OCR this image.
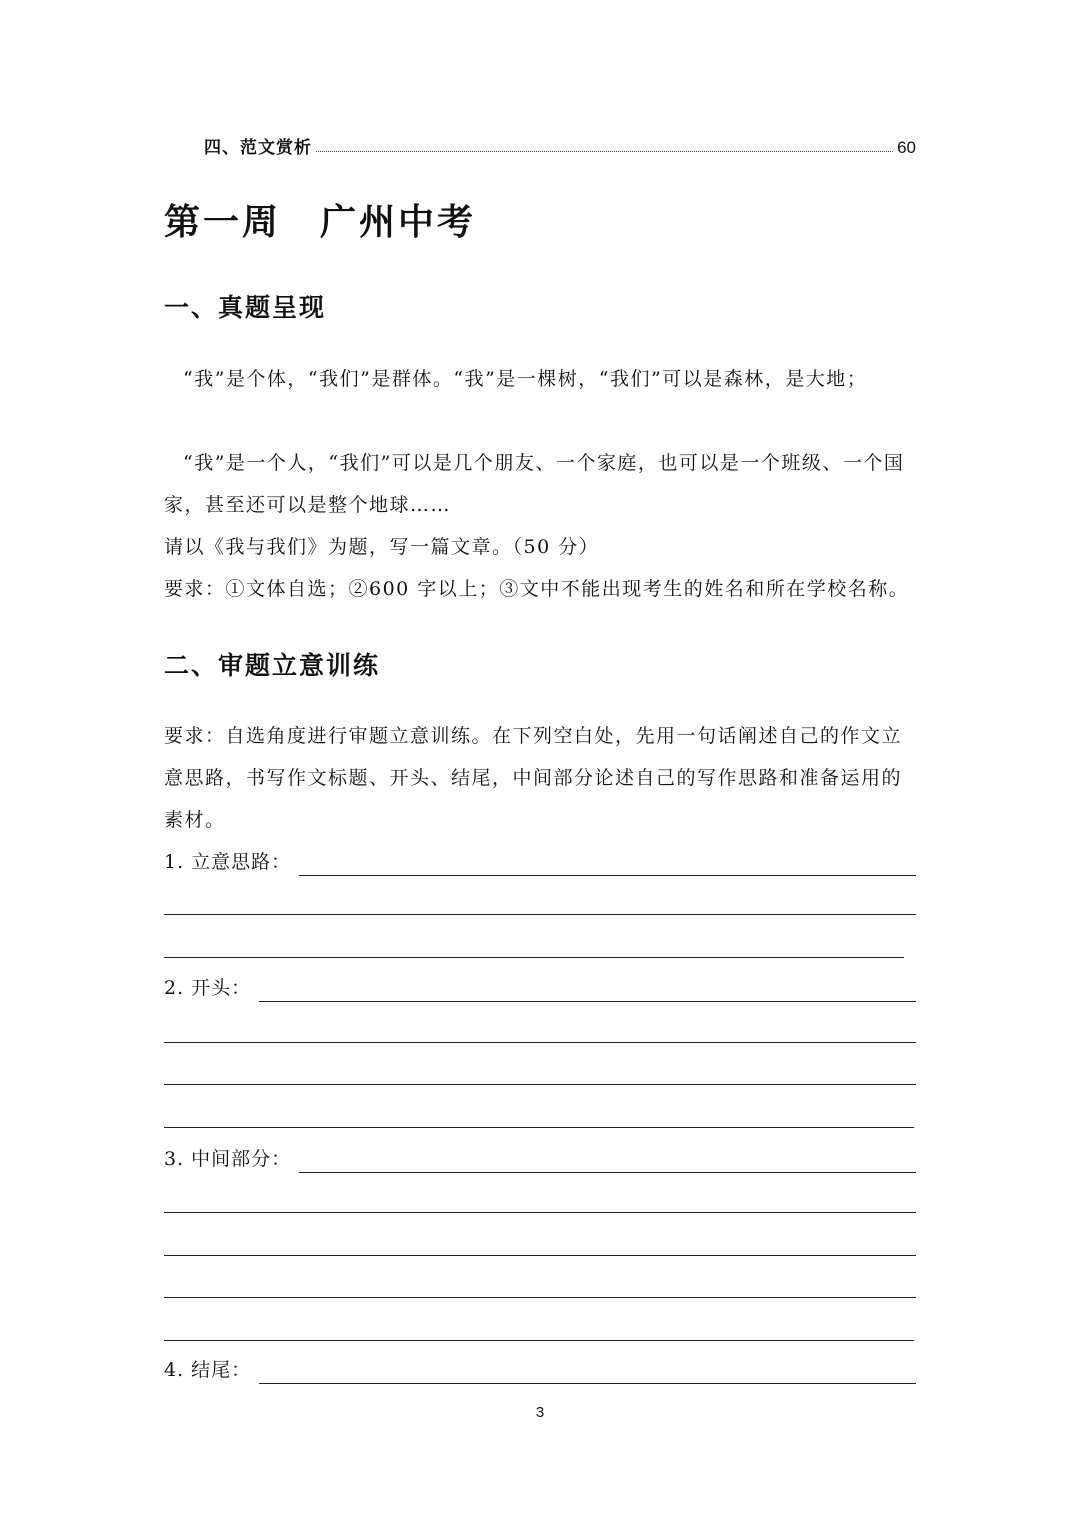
四、范文赏析	60
第一周　广州中考
一、真题呈现
“我”是个体，“我们”是群体。“我”是一棵树，“我们”可以是森林，是大地；
“我”是一个人，“我们”可以是几个朋友、一个家庭，也可以是一个班级、一个国家，甚至还可以是整个地球……
请以《我与我们》为题，写一篇文章。（50 分）
要求：①文体自选；②600 字以上；③文中不能出现考生的姓名和所在学校名称。
二、审题立意训练
要求：自选角度进行审题立意训练。在下列空白处，先用一句话阐述自己的作文立意思路，书写作文标题、开头、结尾，中间部分论述自己的写作思路和准备运用的素材。
1. 立意思路：
2. 开头：
3. 中间部分：
4. 结尾：
3
